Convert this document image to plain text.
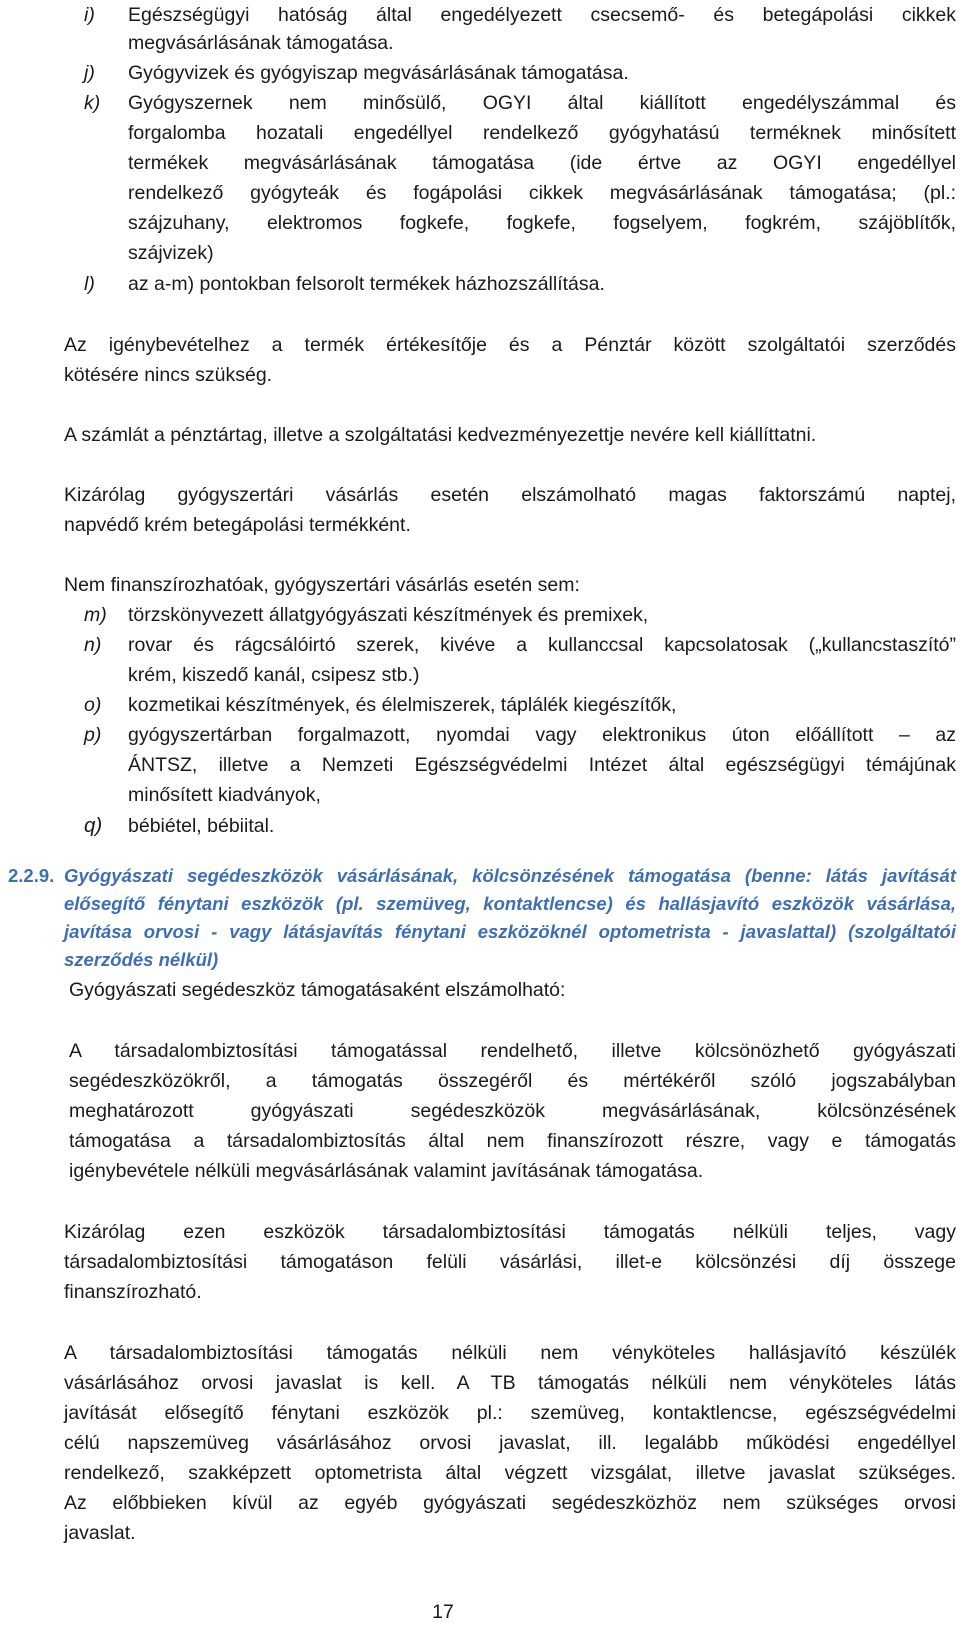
i) Egészségügyi hatóság által engedélyezett csecsemő- és betegápolási cikkek
megvásárlásának támogatása.
j) Gyógyvizek és gyógyiszap megvásárlásának támogatása.
k) Gyógyszernek nem minősülő, OGYI által kiállított engedélyszámmal és
forgalomba hozatali engedéllyel rendelkező gyógyhatású terméknek minősített
termékek megvásárlásának támogatása (ide értve az OGYI engedéllyel
rendelkező gyógyteák és fogápolási cikkek megvásárlásának támogatása; (pl.:
szájzuhany, elektromos fogkefe, fogkefe, fogselyem, fogkrém, szájöblítők,
szájvizek)
l) az a-m) pontokban felsorolt termékek házhozszállítása.
Az igénybevételhez a termék értékesítője és a Pénztár között szolgáltatói szerződés
kötésére nincs szükség.
A számlát a pénztártag, illetve a szolgáltatási kedvezményezettje nevére kell kiállíttatni.
Kizárólag gyógyszertári vásárlás esetén elszámolható magas faktorszámú naptej,
napvédő krém betegápolási termékként.
Nem finanszírozhatóak, gyógyszertári vásárlás esetén sem:
m) törzskönyvezett állatgyógyászati készítmények és premixek,
n) rovar és rágcsálóirtó szerek, kivéve a kullanccsal kapcsolatosak („kullancstaszító”
krém, kiszedő kanál, csipesz stb.)
o) kozmetikai készítmények, és élelmiszerek, táplálék kiegészítők,
p) gyógyszertárban forgalmazott, nyomdai vagy elektronikus úton előállított – az
ÁNTSZ, illetve a Nemzeti Egészségvédelmi Intézet által egészségügyi témájúnak
minősített kiadványok,
q) bébiétel, bébiital.
2.2.9. Gyógyászati segédeszközök vásárlásának, kölcsönzésének támogatása (benne: látás javítását
elősegítő fénytani eszközök (pl. szemüveg, kontaktlencse) és hallásjavító eszközök vásárlása,
javítása orvosi - vagy látásjavítás fénytani eszközöknél optometrista - javaslattal) (szolgáltatói
szerződés nélkül)
Gyógyászati segédeszköz támogatásaként elszámolható:
A társadalombiztosítási támogatással rendelhető, illetve kölcsönözhető gyógyászati
segédeszközökről, a támogatás összegéről és mértékéről szóló jogszabályban
meghatározott gyógyászati segédeszközök megvásárlásának, kölcsönzésének
támogatása a társadalombiztosítás által nem finanszírozott részre, vagy e támogatás
igénybevétele nélküli megvásárlásának valamint javításának támogatása.
Kizárólag ezen eszközök társadalombiztosítási támogatás nélküli teljes, vagy
társadalombiztosítási támogatáson felüli vásárlási, illet-e kölcsönzési díj összege
finanszírozható.
A társadalombiztosítási támogatás nélküli nem vényköteles hallásjavító készülék
vásárlásához orvosi javaslat is kell. A TB támogatás nélküli nem vényköteles látás
javítását elősegítő fénytani eszközök pl.: szemüveg, kontaktlencse, egészségvédelmi
célú napszemüveg vásárlásához orvosi javaslat, ill. legalább működési engedéllyel
rendelkező, szakképzett optometrista által végzett vizsgálat, illetve javaslat szükséges.
Az előbbieken kívül az egyéb gyógyászati segédeszközhöz nem szükséges orvosi
javaslat.
17
